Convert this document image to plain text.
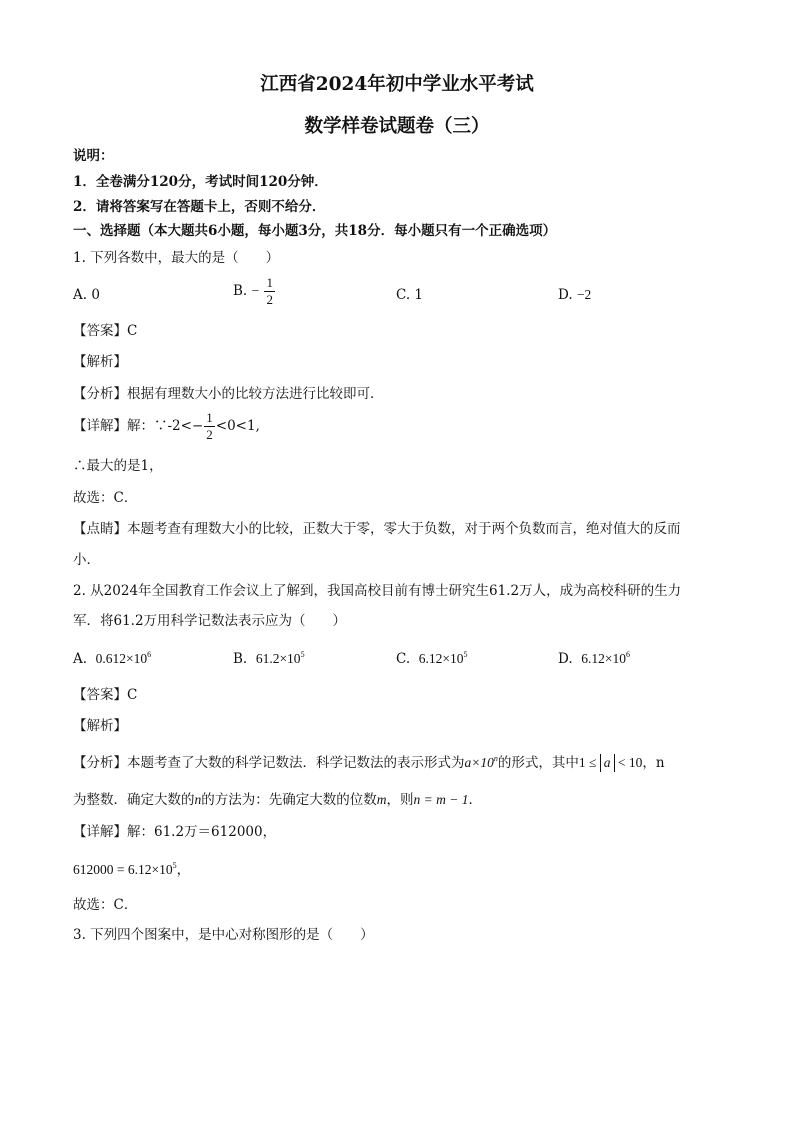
江西省2024年初中学业水平考试
数学样卷试题卷（三）
说明：
1．全卷满分120分，考试时间120分钟．
2．请将答案写在答题卡上，否则不给分．
一、选择题（本大题共6小题，每小题3分，共18分．每小题只有一个正确选项）
1. 下列各数中，最大的是（　　）
A. 0	B. − $\frac{1}{2}$	C. 1	D. −2
【答案】C
【解析】
【分析】根据有理数大小的比较方法进行比较即可．
【详解】解：∵-2<− $\frac{1}{2} <0<1$,
∴最大的是1，
故选：C．
【点睛】本题考查有理数大小的比较，正数大于零，零大于负数，对于两个负数而言，绝对值大的反而
小．
2. 从2024年全国教育工作会议上了解到，我国高校目前有博士研究生61.2万人，成为高校科研的生力
军．将61.2万用科学记数法表示应为（　　）
A. $0.612\times 10^6$	B. $61.2\times 10^5$	C. $6.12\times 10^5$	D. $6.12\times 10^6$
【答案】C
【解析】
【分析】本题考查了大数的科学记数法．科学记数法的表示形式为$a\times 10^n$的形式，其中1 ≤ a < 10，n
为整数．确定大数的n的方法为：先确定大数的位数m，则n = m − 1．
【详解】解：61.2万＝612000，
$612000 = 6.12\times 10^5$，
故选：C．
3. 下列四个图案中，是中心对称图形的是（　　）
